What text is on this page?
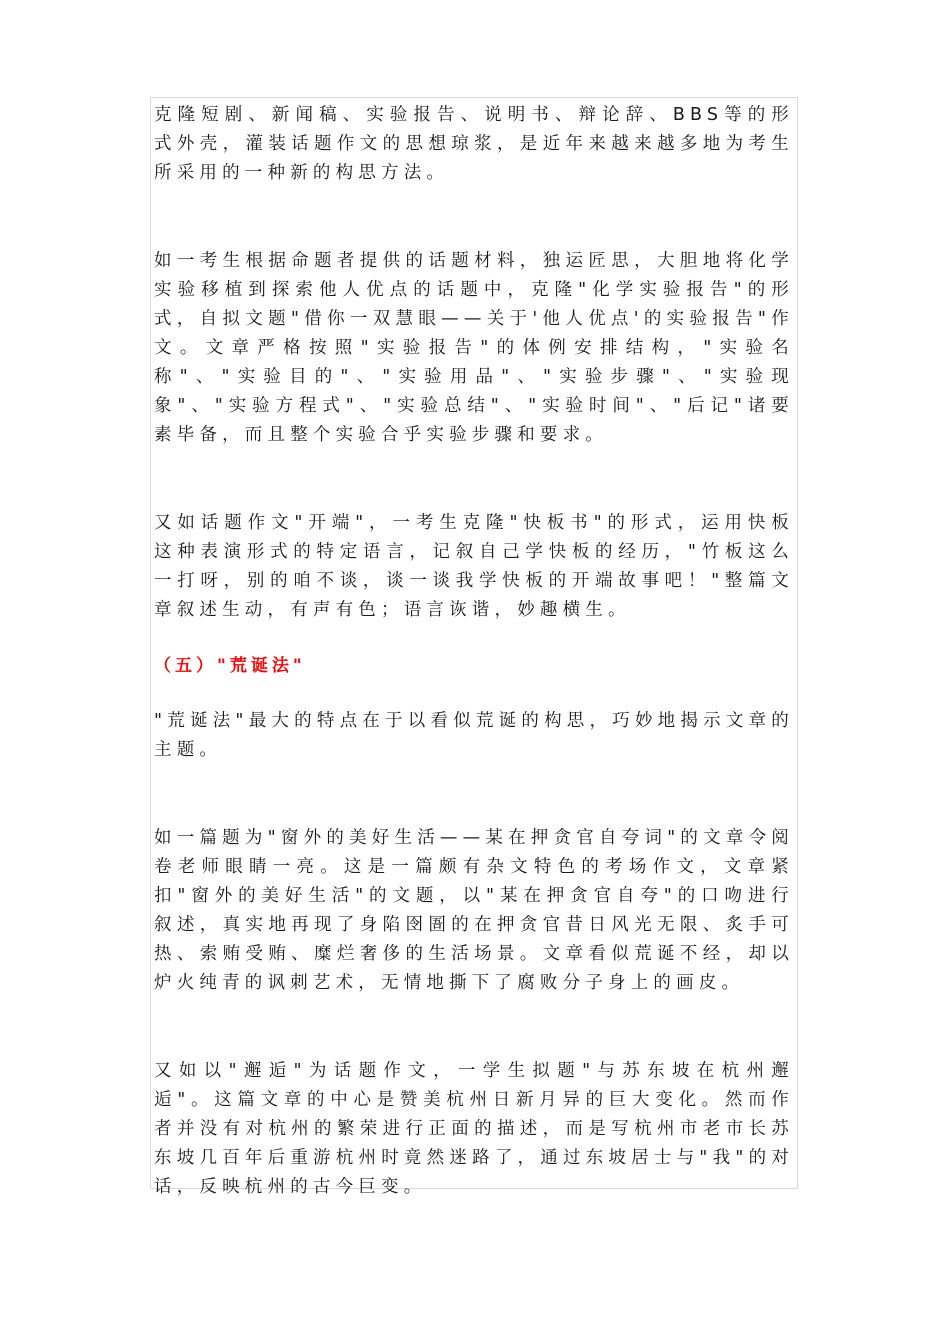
克隆短剧、新闻稿、实验报告、说明书、辩论辞、BBS等的形式外壳，灌装话题作文的思想琼浆，是近年来越来越多地为考生所采用的一种新的构思方法。

如一考生根据命题者提供的话题材料，独运匠思，大胆地将化学实验移植到探索他人优点的话题中，克隆"化学实验报告"的形式，自拟文题"借你一双慧眼——关于'他人优点'的实验报告"作文。文章严格按照"实验报告"的体例安排结构，"实验名称"、"实验目的"、"实验用品"、"实验步骤"、"实验现象"、"实验方程式"、"实验总结"、"实验时间"、"后记"诸要素毕备，而且整个实验合乎实验步骤和要求。

又如话题作文"开端"，一考生克隆"快板书"的形式，运用快板这种表演形式的特定语言，记叙自己学快板的经历，"竹板这么一打呀，别的咱不谈，谈一谈我学快板的开端故事吧！"整篇文章叙述生动，有声有色；语言诙谐，妙趣横生。

（五）"荒诞法"

"荒诞法"最大的特点在于以看似荒诞的构思，巧妙地揭示文章的主题。

如一篇题为"窗外的美好生活——某在押贪官自夸词"的文章令阅卷老师眼睛一亮。这是一篇颇有杂文特色的考场作文，文章紧扣"窗外的美好生活"的文题，以"某在押贪官自夸"的口吻进行叙述，真实地再现了身陷囹圄的在押贪官昔日风光无限、炙手可热、索贿受贿、糜烂奢侈的生活场景。文章看似荒诞不经，却以炉火纯青的讽刺艺术，无情地撕下了腐败分子身上的画皮。

又如以"邂逅"为话题作文，一学生拟题"与苏东坡在杭州邂逅"。这篇文章的中心是赞美杭州日新月异的巨大变化。然而作者并没有对杭州的繁荣进行正面的描述，而是写杭州市老市长苏东坡几百年后重游杭州时竟然迷路了，通过东坡居士与"我"的对话，反映杭州的古今巨变。
